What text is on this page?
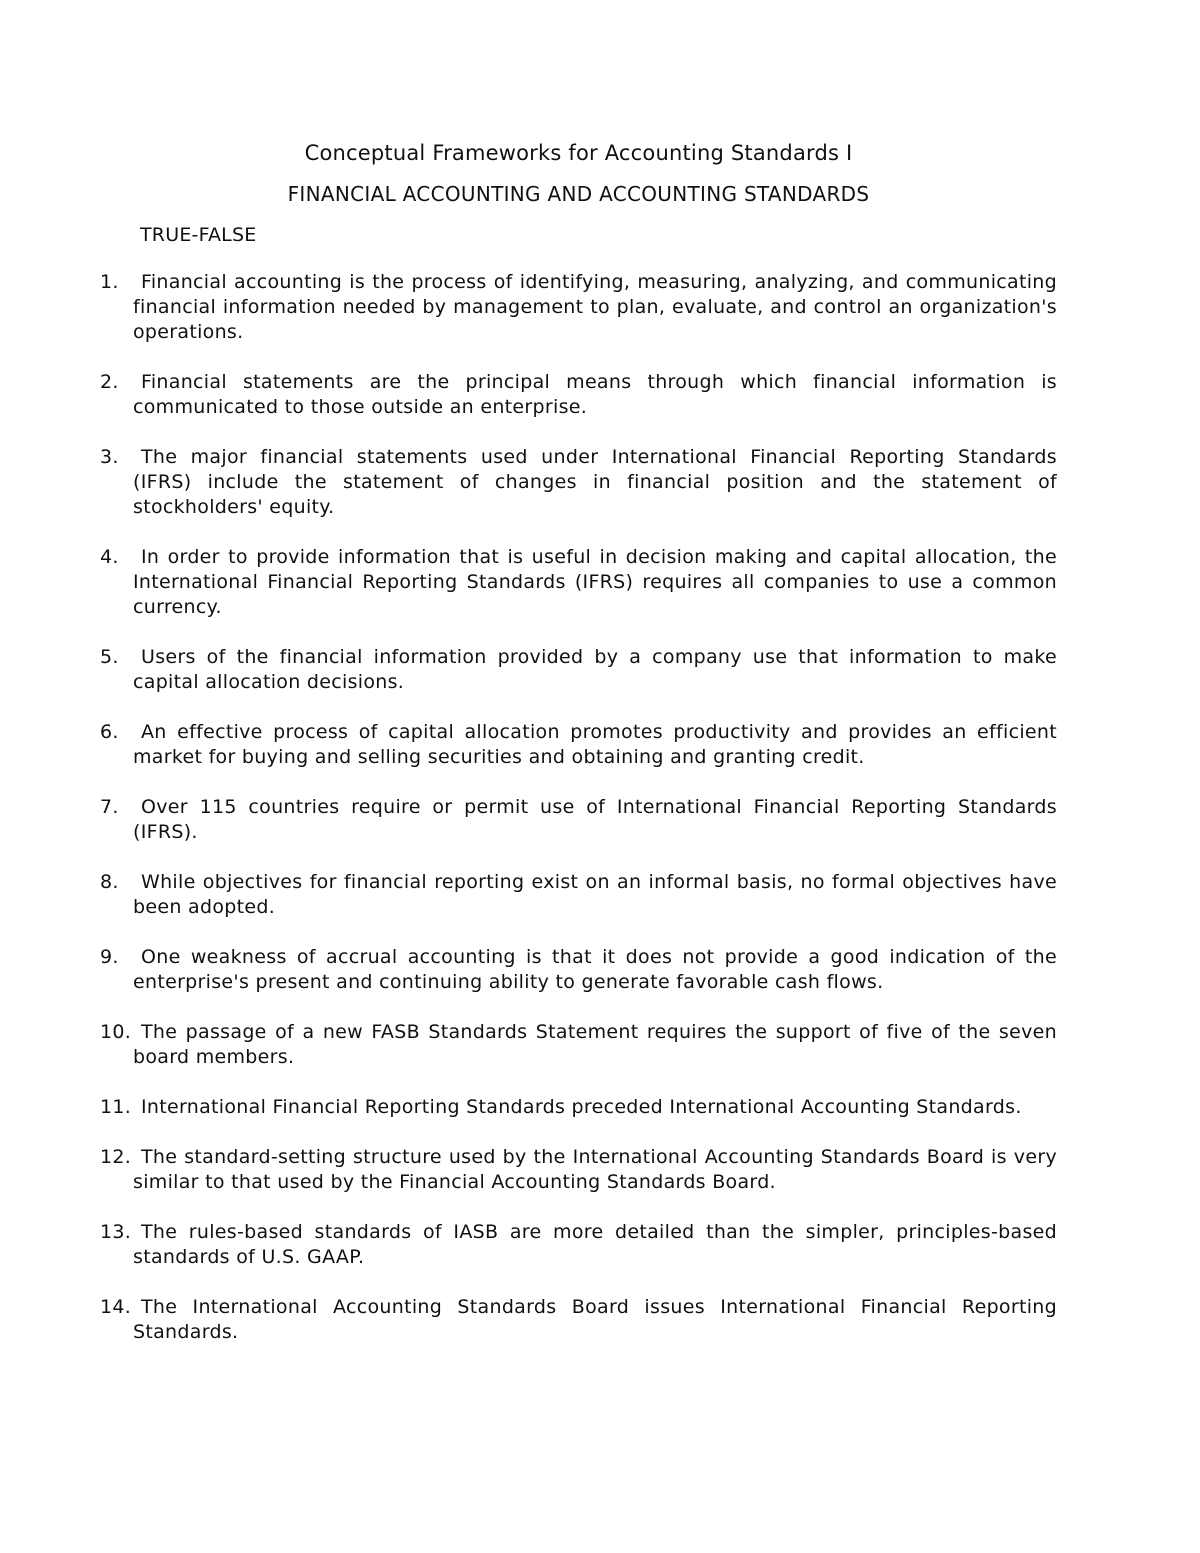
Conceptual Frameworks for Accounting Standards I
FINANCIAL ACCOUNTING AND ACCOUNTING STANDARDS
TRUE-FALSE
1.	Financial accounting is the process of identifying, measuring, analyzing, and communicating financial information needed by management to plan, evaluate, and control an organization's operations.
2.	Financial statements are the principal means through which financial information is communicated to those outside an enterprise.
3.	The major financial statements used under International Financial Reporting Standards (IFRS) include the statement of changes in financial position and the statement of stockholders' equity.
4.	In order to provide information that is useful in decision making and capital allocation, the International Financial Reporting Standards (IFRS) requires all companies to use a common currency.
5.	Users of the financial information provided by a company use that information to make capital allocation decisions.
6.	An effective process of capital allocation promotes productivity and provides an efficient market for buying and selling securities and obtaining and granting credit.
7.	Over 115 countries require or permit use of International Financial Reporting Standards (IFRS).
8.	While objectives for financial reporting exist on an informal basis, no formal objectives have been adopted.
9.	One weakness of accrual accounting is that it does not provide a good indication of the enterprise's present and continuing ability to generate favorable cash flows.
10. The passage of a new FASB Standards Statement requires the support of five of the seven board members.
11. International Financial Reporting Standards preceded International Accounting Standards.
12. The standard-setting structure used by the International Accounting Standards Board is very similar to that used by the Financial Accounting Standards Board.
13. The rules-based standards of IASB are more detailed than the simpler, principles-based standards of U.S. GAAP.
14. The International Accounting Standards Board issues International Financial Reporting Standards.
